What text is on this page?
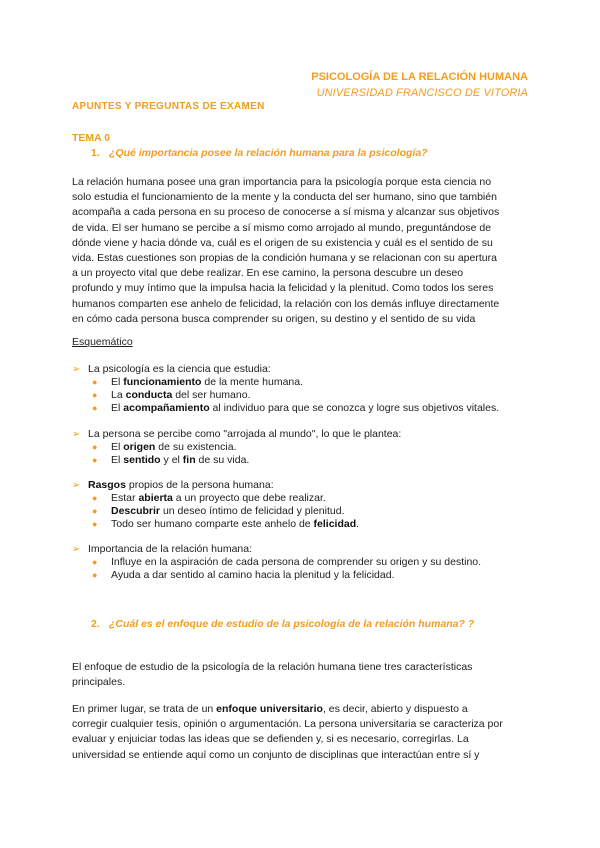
PSICOLOGÍA DE LA RELACIÓN HUMANA
UNIVERSIDAD FRANCISCO DE VITORIA
APUNTES Y PREGUNTAS DE EXAMEN
TEMA 0
1. ¿Qué importancia posee la relación humana para la psicología?
La relación humana posee una gran importancia para la psicología porque esta ciencia no
solo estudia el funcionamiento de la mente y la conducta del ser humano, sino que también
acompaña a cada persona en su proceso de conocerse a sí misma y alcanzar sus objetivos
de vida. El ser humano se percibe a sí mismo como arrojado al mundo, preguntándose de
dónde viene y hacia dónde va, cuál es el origen de su existencia y cuál es el sentido de su
vida. Estas cuestiones son propias de la condición humana y se relacionan con su apertura
a un proyecto vital que debe realizar. En ese camino, la persona descubre un deseo
profundo y muy íntimo que la impulsa hacia la felicidad y la plenitud. Como todos los seres
humanos comparten ese anhelo de felicidad, la relación con los demás influye directamente
en cómo cada persona busca comprender su origen, su destino y el sentido de su vida
Esquemático
➢ La psicología es la ciencia que estudia:
●	El funcionamiento de la mente humana.
●	La conducta del ser humano.
●	El acompañamiento al individuo para que se conozca y logre sus objetivos vitales.
➢ La persona se percibe como "arrojada al mundo", lo que le plantea:
●	El origen de su existencia.
●	El sentido y el fin de su vida.
➢ Rasgos propios de la persona humana:
●	Estar abierta a un proyecto que debe realizar.
●	Descubrir un deseo íntimo de felicidad y plenitud.
●	Todo ser humano comparte este anhelo de felicidad.
➢ Importancia de la relación humana:
●	Influye en la aspiración de cada persona de comprender su origen y su destino.
●	Ayuda a dar sentido al camino hacia la plenitud y la felicidad.
2. ¿Cuál es el enfoque de estudio de la psicología de la relación humana? ?
El enfoque de estudio de la psicología de la relación humana tiene tres características
principales.
En primer lugar, se trata de un enfoque universitario, es decir, abierto y dispuesto a
corregir cualquier tesis, opinión o argumentación. La persona universitaria se caracteriza por
evaluar y enjuiciar todas las ideas que se defienden y, si es necesario, corregirlas. La
universidad se entiende aquí como un conjunto de disciplinas que interactúan entre sí y
